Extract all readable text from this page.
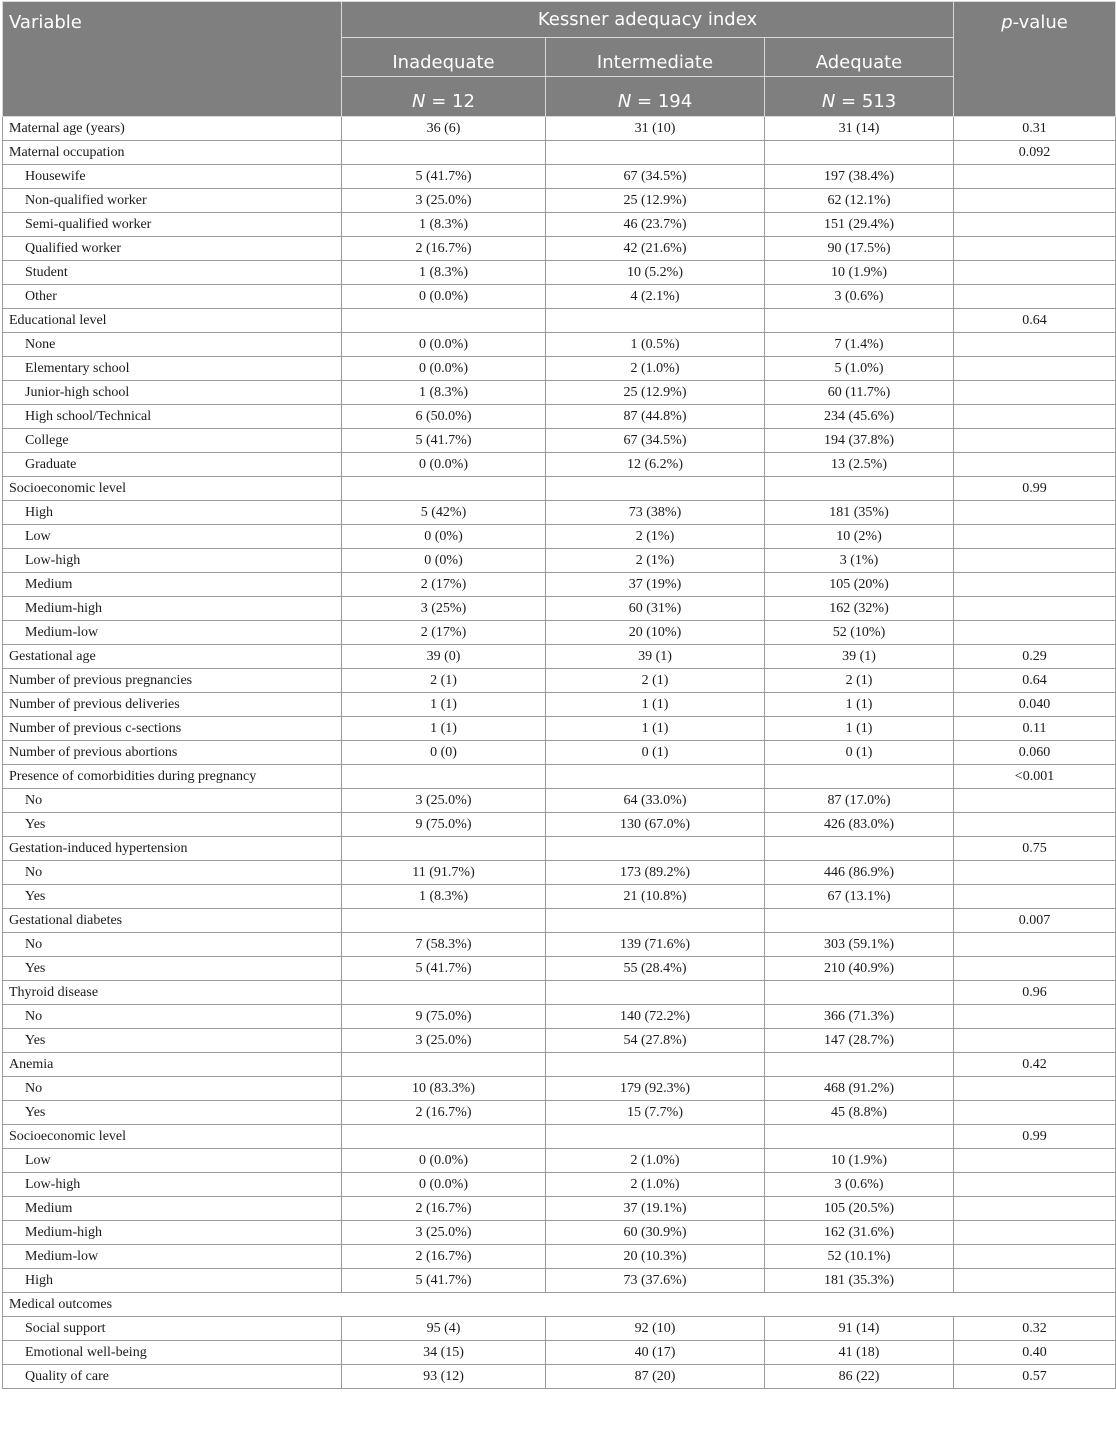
Variable	Kessner adequacy index			p-value
	Inadequate	Intermediate	Adequate	
	N = 12	N = 194	N = 513	
Maternal age (years)	36 (6)	31 (10)	31 (14)	0.31
Maternal occupation				0.092
Housewife	5 (41.7%)	67 (34.5%)	197 (38.4%)	
Non-qualified worker	3 (25.0%)	25 (12.9%)	62 (12.1%)	
Semi-qualified worker	1 (8.3%)	46 (23.7%)	151 (29.4%)	
Qualified worker	2 (16.7%)	42 (21.6%)	90 (17.5%)	
Student	1 (8.3%)	10 (5.2%)	10 (1.9%)	
Other	0 (0.0%)	4 (2.1%)	3 (0.6%)	
Educational level				0.64
None	0 (0.0%)	1 (0.5%)	7 (1.4%)	
Elementary school	0 (0.0%)	2 (1.0%)	5 (1.0%)	
Junior-high school	1 (8.3%)	25 (12.9%)	60 (11.7%)	
High school/Technical	6 (50.0%)	87 (44.8%)	234 (45.6%)	
College	5 (41.7%)	67 (34.5%)	194 (37.8%)	
Graduate	0 (0.0%)	12 (6.2%)	13 (2.5%)	
Socioeconomic level				0.99
High	5 (42%)	73 (38%)	181 (35%)	
Low	0 (0%)	2 (1%)	10 (2%)	
Low-high	0 (0%)	2 (1%)	3 (1%)	
Medium	2 (17%)	37 (19%)	105 (20%)	
Medium-high	3 (25%)	60 (31%)	162 (32%)	
Medium-low	2 (17%)	20 (10%)	52 (10%)	
Gestational age	39 (0)	39 (1)	39 (1)	0.29
Number of previous pregnancies	2 (1)	2 (1)	2 (1)	0.64
Number of previous deliveries	1 (1)	1 (1)	1 (1)	0.040
Number of previous c-sections	1 (1)	1 (1)	1 (1)	0.11
Number of previous abortions	0 (0)	0 (1)	0 (1)	0.060
Presence of comorbidities during pregnancy				<0.001
No	3 (25.0%)	64 (33.0%)	87 (17.0%)	
Yes	9 (75.0%)	130 (67.0%)	426 (83.0%)	
Gestation-induced hypertension				0.75
No	11 (91.7%)	173 (89.2%)	446 (86.9%)	
Yes	1 (8.3%)	21 (10.8%)	67 (13.1%)	
Gestational diabetes				0.007
No	7 (58.3%)	139 (71.6%)	303 (59.1%)	
Yes	5 (41.7%)	55 (28.4%)	210 (40.9%)	
Thyroid disease				0.96
No	9 (75.0%)	140 (72.2%)	366 (71.3%)	
Yes	3 (25.0%)	54 (27.8%)	147 (28.7%)	
Anemia				0.42
No	10 (83.3%)	179 (92.3%)	468 (91.2%)	
Yes	2 (16.7%)	15 (7.7%)	45 (8.8%)	
Socioeconomic level				0.99
Low	0 (0.0%)	2 (1.0%)	10 (1.9%)	
Low-high	0 (0.0%)	2 (1.0%)	3 (0.6%)	
Medium	2 (16.7%)	37 (19.1%)	105 (20.5%)	
Medium-high	3 (25.0%)	60 (30.9%)	162 (31.6%)	
Medium-low	2 (16.7%)	20 (10.3%)	52 (10.1%)	
High	5 (41.7%)	73 (37.6%)	181 (35.3%)	
Medical outcomes				
Social support	95 (4)	92 (10)	91 (14)	0.32
Emotional well-being	34 (15)	40 (17)	41 (18)	0.40
Quality of care	93 (12)	87 (20)	86 (22)	0.57
